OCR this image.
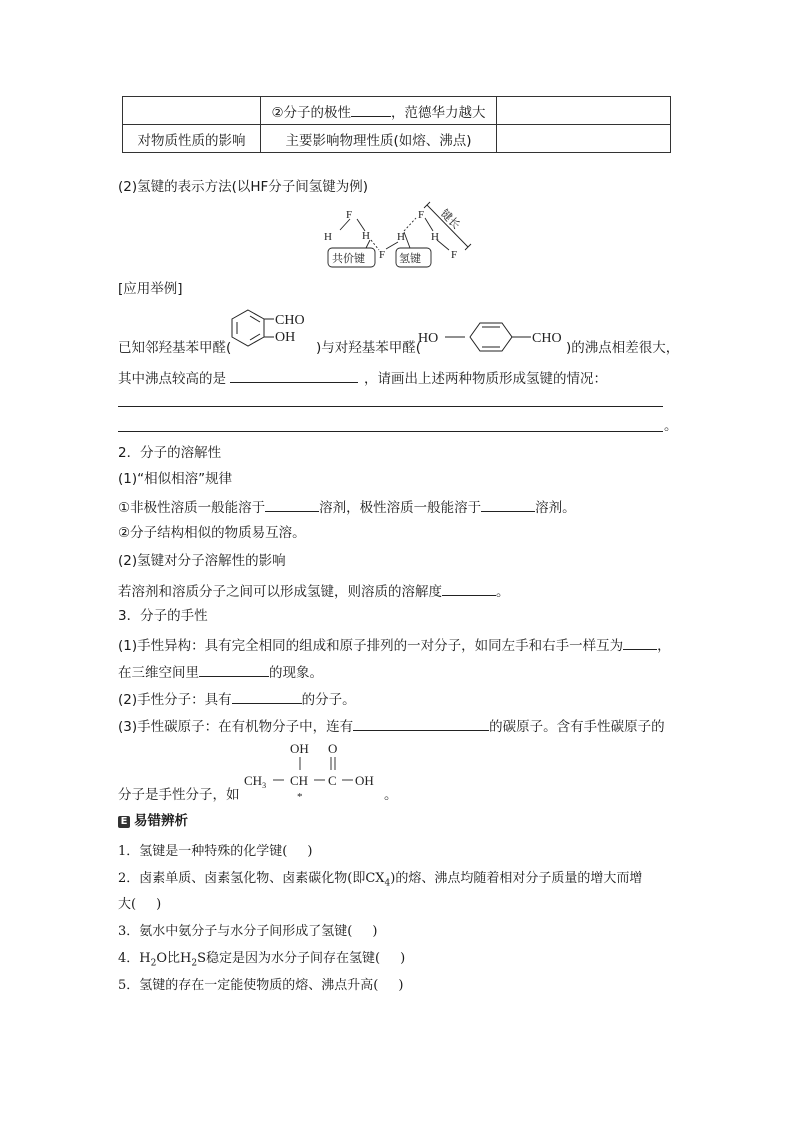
	②分子的极性 ，范德华力越大	
对物质性质的影响	主要影响物理性质(如熔、沸点)	
(2)氢键的表示方法(以HF分子间氢键为例)
H
F
H
F
H
F
H
F
共价键	氢键
键长
[应用举例]
已知邻羟基苯甲醛(
CHO
OH
)与对羟基苯甲醛(
HO	CHO
)的沸点相差很大，
其中沸点较高的是	，请画出上述两种物质形成氢键的情况：
。
2．分子的溶解性
(1)“相似相溶”规律
①非极性溶质一般能溶于	溶剂，极性溶质一般能溶于	溶剂。
②分子结构相似的物质易互溶。
(2)氢键对分子溶解性的影响
若溶剂和溶质分子之间可以形成氢键，则溶质的溶解度	。
3．分子的手性
(1)手性异构：具有完全相同的组成和原子排列的一对分子，如同左手和右手一样互为	，
在三维空间里	的现象。
(2)手性分子：具有	的分子。
(3)手性碳原子：在有机物分子中，连有	的碳原子。含有手性碳原子的
分子是手性分子，如
$CH_3$
OH
CH
O
C OH
*	。
E 易错辨析
1．氢键是一种特殊的化学键( )
2．卤素单质、卤素氢化物、卤素碳化物(即$CX_4$)的熔、沸点均随着相对分子质量的增大而增
大( )
3．氨水中氨分子与水分子间形成了氢键( )
4．$H_2O$比$H_2S$稳定是因为水分子间存在氢键( )
5．氢键的存在一定能使物质的熔、沸点升高( )
